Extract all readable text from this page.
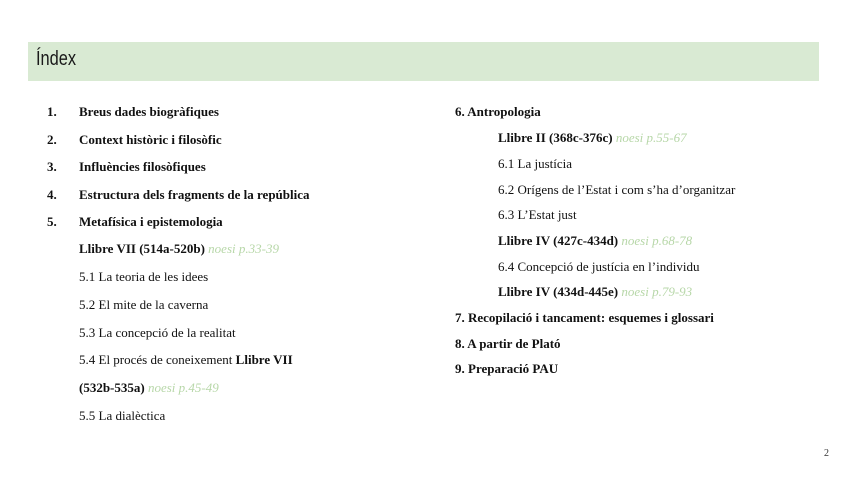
Índex
1. Breus dades biogràfiques
2. Context històric i filosòfic
3. Influències filosòfiques
4. Estructura dels fragments de la república
5. Metafísica i epistemologia
Llibre VII (514a-520b) noesi p.33-39
5.1 La teoria de les idees
5.2 El mite de la caverna
5.3 La concepció de la realitat
5.4 El procés de coneixement Llibre VII
(532b-535a) noesi p.45-49
5.5 La dialèctica
6. Antropologia
Llibre II (368c-376c) noesi p.55-67
6.1 La justícia
6.2 Orígens de l’Estat i com s’ha d’organitzar
6.3 L’Estat just
Llibre IV (427c-434d) noesi p.68-78
6.4 Concepció de justícia en l’individu
Llibre IV (434d-445e) noesi p.79-93
7. Recopilació i tancament: esquemes i glossari
8. A partir de Plató
9. Preparació PAU
2
